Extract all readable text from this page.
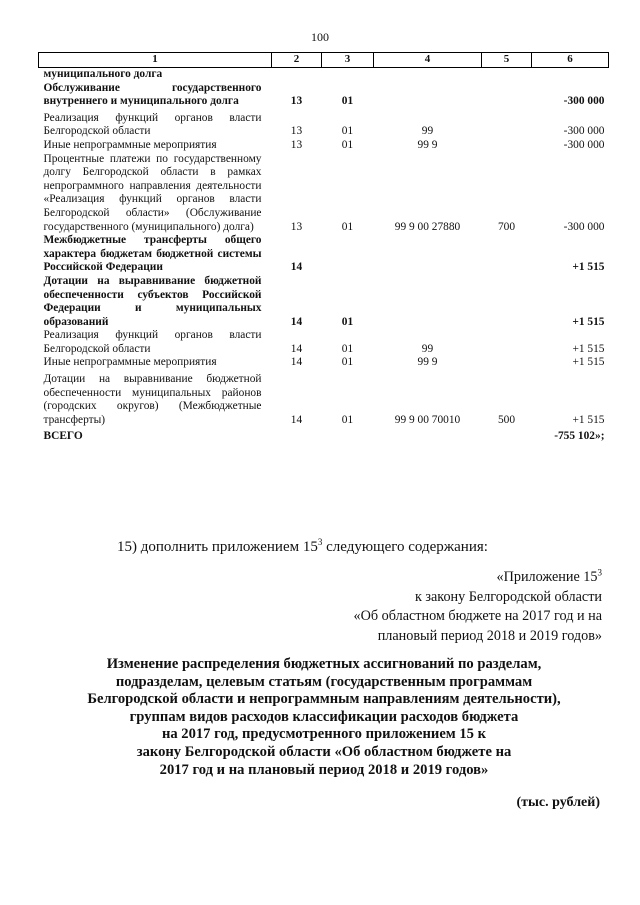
100
1	2	3	4	5	6
муниципального долга					
Обслуживание государственного внутреннего и муниципального долга	13	01			-300 000
Реализация функций органов власти Белгородской области	13	01	99		-300 000
Иные непрограммные мероприятия	13	01	99 9		-300 000
Процентные платежи по государственному долгу Белгородской области в рамках непрограммного направления деятельности «Реализация функций органов власти Белгородской области» (Обслуживание государственного (муниципального) долга)	13	01	99 9 00 27880	700	-300 000
Межбюджетные трансферты общего характера бюджетам бюджетной системы Российской Федерации	14				+1 515
Дотации на выравнивание бюджетной обеспеченности субъектов Российской Федерации и муниципальных образований	14	01			+1 515
Реализация функций органов власти Белгородской области	14	01	99		+1 515
Иные непрограммные мероприятия	14	01	99 9		+1 515
Дотации на выравнивание бюджетной обеспеченности муниципальных районов (городских округов) (Межбюджетные трансферты)	14	01	99 9 00 70010	500	+1 515
ВСЕГО					-755 102»;
15) дополнить приложением $15^3$ следующего содержания:
«Приложение $15^3$
к закону Белгородской области
«Об областном бюджете на 2017 год и на
плановый период 2018 и 2019 годов»
Изменение распределения бюджетных ассигнований по разделам,
подразделам, целевым статьям (государственным программам
Белгородской области и непрограммным направлениям деятельности),
группам видов расходов классификации расходов бюджета
на 2017 год, предусмотренного приложением 15 к
закону Белгородской области «Об областном бюджете на
2017 год и на плановый период 2018 и 2019 годов»
(тыс. рублей)
